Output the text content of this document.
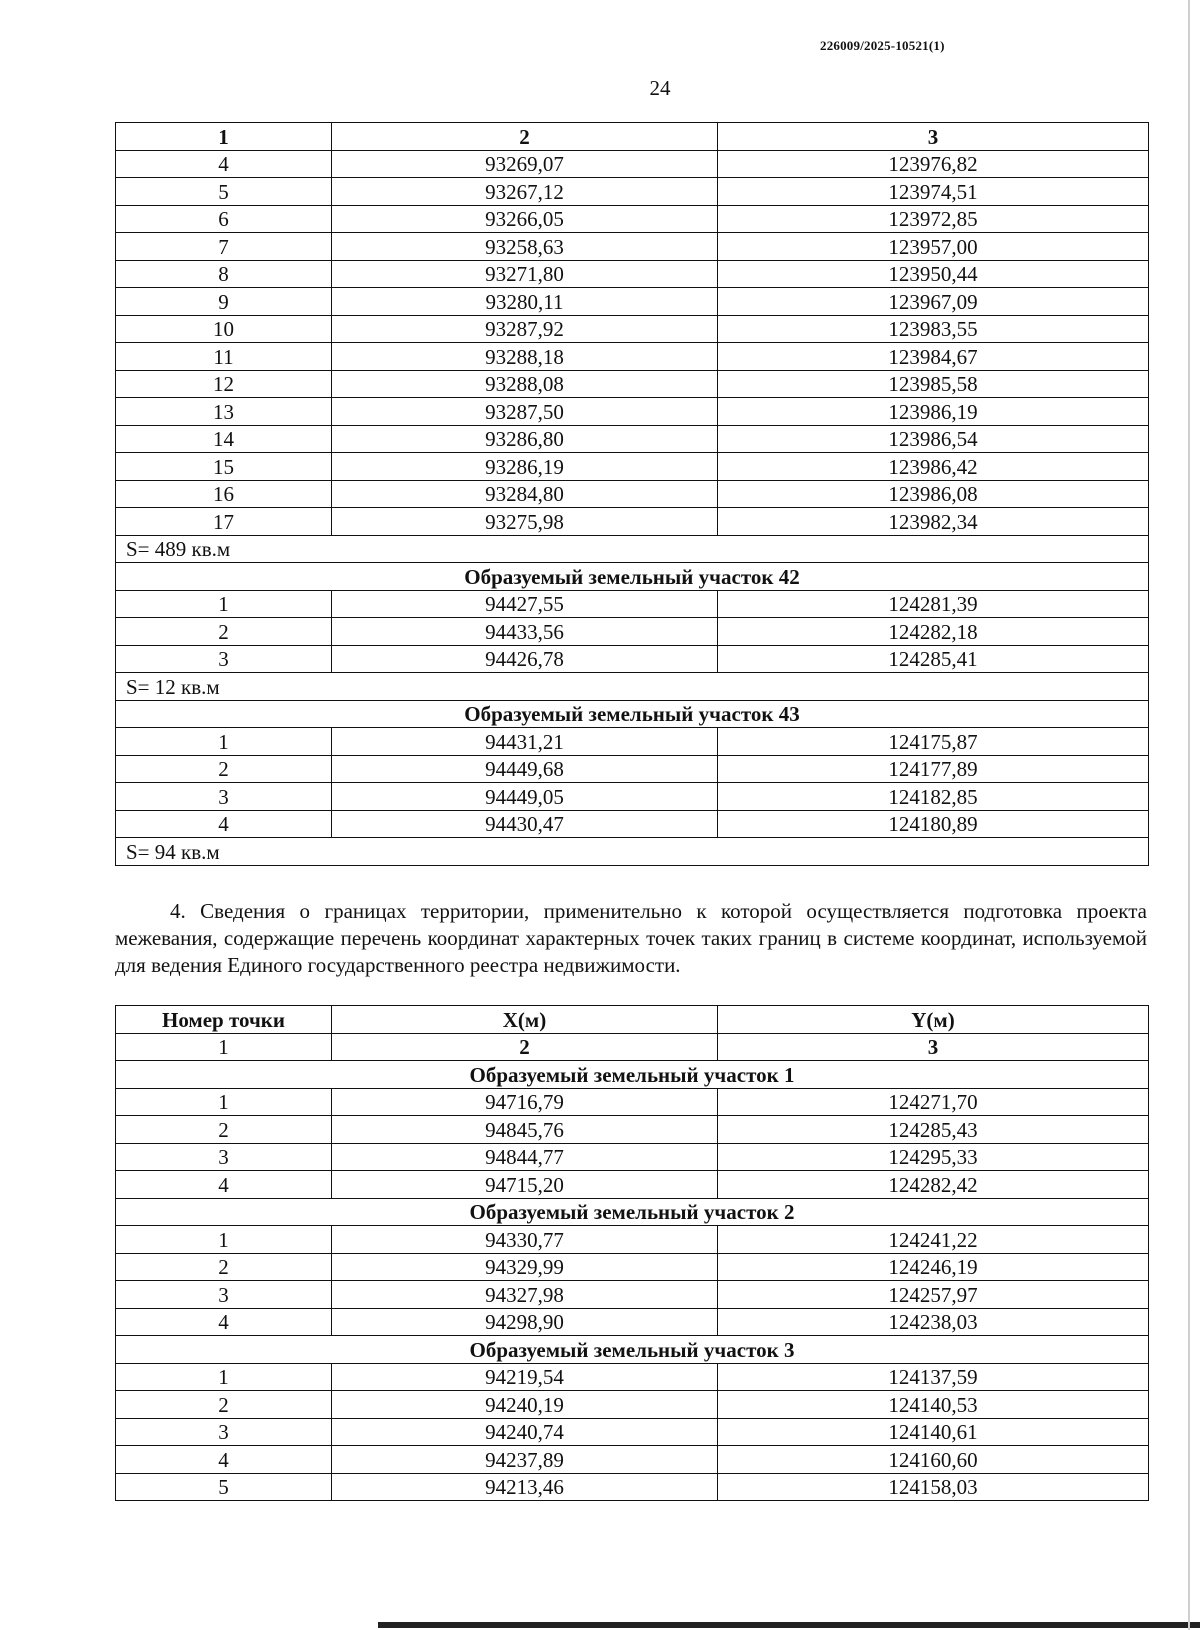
226009/2025-10521(1)
24
1	2	3
4	93269,07	123976,82
5	93267,12	123974,51
6	93266,05	123972,85
7	93258,63	123957,00
8	93271,80	123950,44
9	93280,11	123967,09
10	93287,92	123983,55
11	93288,18	123984,67
12	93288,08	123985,58
13	93287,50	123986,19
14	93286,80	123986,54
15	93286,19	123986,42
16	93284,80	123986,08
17	93275,98	123982,34
S= 489 кв.м		
Образуемый земельный участок 42		
1	94427,55	124281,39
2	94433,56	124282,18
3	94426,78	124285,41
S= 12 кв.м		
Образуемый земельный участок 43		
1	94431,21	124175,87
2	94449,68	124177,89
3	94449,05	124182,85
4	94430,47	124180,89
S= 94 кв.м		
4. Сведения о границах территории, применительно к которой осуществляется подготовка проекта межевания, содержащие перечень координат характерных точек таких границ в системе координат, используемой для ведения Единого государственного реестра недвижимости.
Номер точки	X(м)	Y(м)
1	2	3
Образуемый земельный участок 1		
1	94716,79	124271,70
2	94845,76	124285,43
3	94844,77	124295,33
4	94715,20	124282,42
Образуемый земельный участок 2		
1	94330,77	124241,22
2	94329,99	124246,19
3	94327,98	124257,97
4	94298,90	124238,03
Образуемый земельный участок 3		
1	94219,54	124137,59
2	94240,19	124140,53
3	94240,74	124140,61
4	94237,89	124160,60
5	94213,46	124158,03
